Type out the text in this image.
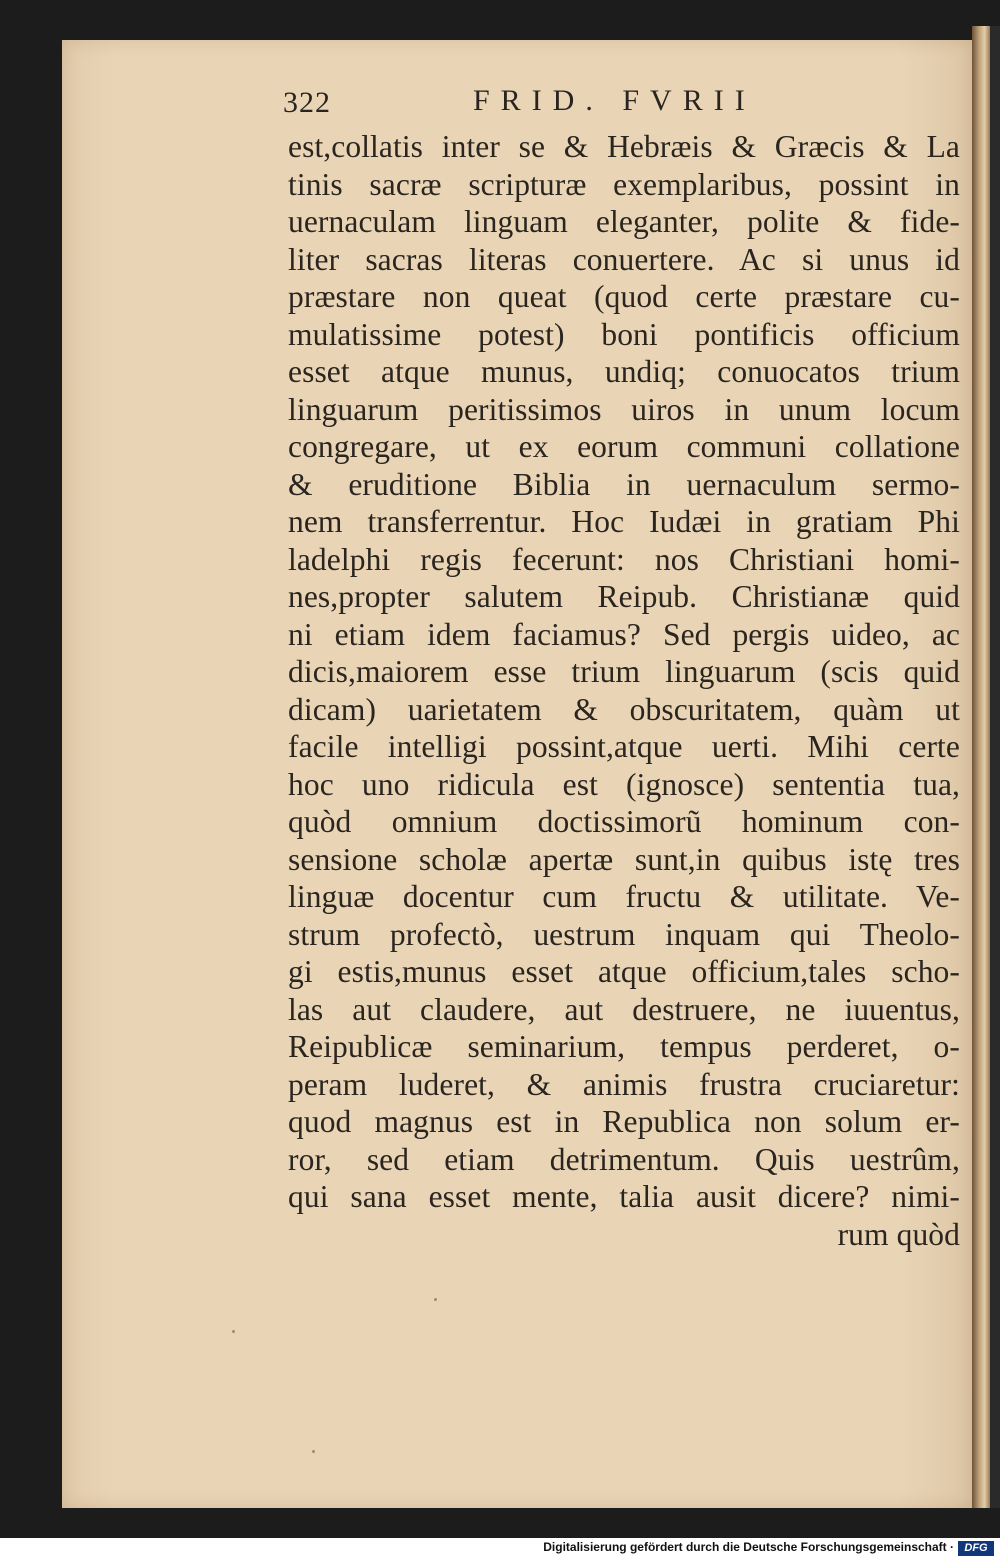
322	FRID. FVRII
est,collatis inter se & Hebræis & Græcis & La
tinis sacræ scripturæ exemplaribus, possint in
uernaculam linguam eleganter, polite & fide-
liter sacras literas conuertere. Ac si unus id
præstare non queat (quod certe præstare cu-
mulatissime potest) boni pontificis officium
esset atque munus, undiq; conuocatos trium
linguarum peritissimos uiros in unum locum
congregare, ut ex eorum communi collatione
& eruditione Biblia in uernaculum sermo-
nem transferrentur. Hoc Iudæi in gratiam Phi
ladelphi regis fecerunt: nos Christiani homi-
nes,propter salutem Reipub. Christianæ quid
ni etiam idem faciamus? Sed pergis uideo, ac
dicis,maiorem esse trium linguarum (scis quid
dicam) uarietatem & obscuritatem, quàm ut
facile intelligi possint,atque uerti. Mihi certe
hoc uno ridicula est (ignosce) sententia tua,
quòd omnium doctissimorũ hominum con-
sensione scholæ apertæ sunt,in quibus istę tres
linguæ docentur cum fructu & utilitate. Ve-
strum profectò, uestrum inquam qui Theolo-
gi estis,munus esset atque officium,tales scho-
las aut claudere, aut destruere, ne iuuentus,
Reipublicæ seminarium, tempus perderet, o-
peram luderet, & animis frustra cruciaretur:
quod magnus est in Republica non solum er-
ror, sed etiam detrimentum. Quis uestrûm,
qui sana esset mente, talia ausit dicere? nimi-
rum quòd
Digitalisierung gefördert durch die Deutsche Forschungsgemeinschaft · DFG
